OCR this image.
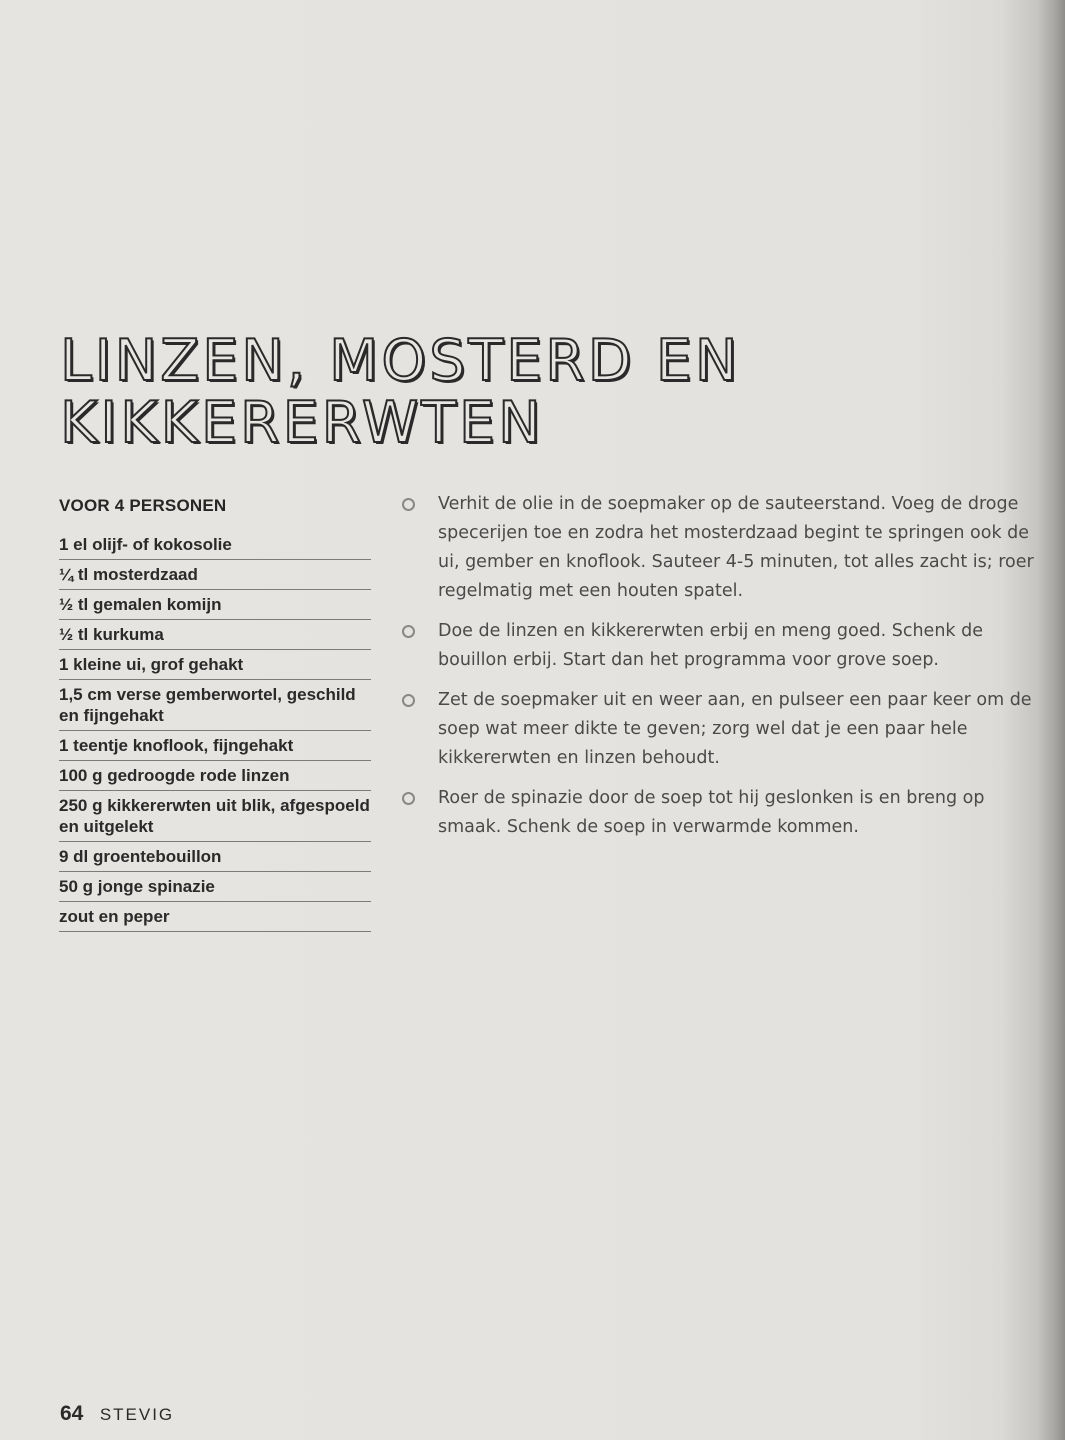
LINZEN, MOSTERD EN
KIKKERERWTEN
VOOR 4 PERSONEN
1 el olijf- of kokosolie
¼ tl mosterdzaad
½ tl gemalen komijn
½ tl kurkuma
1 kleine ui, grof gehakt
1,5 cm verse gemberwortel, geschild en fijngehakt
1 teentje knoflook, fijngehakt
100 g gedroogde rode linzen
250 g kikkererwten uit blik, afgespoeld en uitgelekt
9 dl groentebouillon
50 g jonge spinazie
zout en peper

Verhit de olie in de soepmaker op de sauteerstand. Voeg de droge specerijen toe en zodra het mosterdzaad begint te springen ook de ui, gember en knoflook. Sauteer 4-5 minuten, tot alles zacht is; roer regelmatig met een houten spatel.

Doe de linzen en kikkererwten erbij en meng goed. Schenk de bouillon erbij. Start dan het programma voor grove soep.

Zet de soepmaker uit en weer aan, en pulseer een paar keer om de soep wat meer dikte te geven; zorg wel dat je een paar hele kikkererwten en linzen behoudt.

Roer de spinazie door de soep tot hij geslonken is en breng op smaak. Schenk de soep in verwarmde kommen.

64 STEVIG
